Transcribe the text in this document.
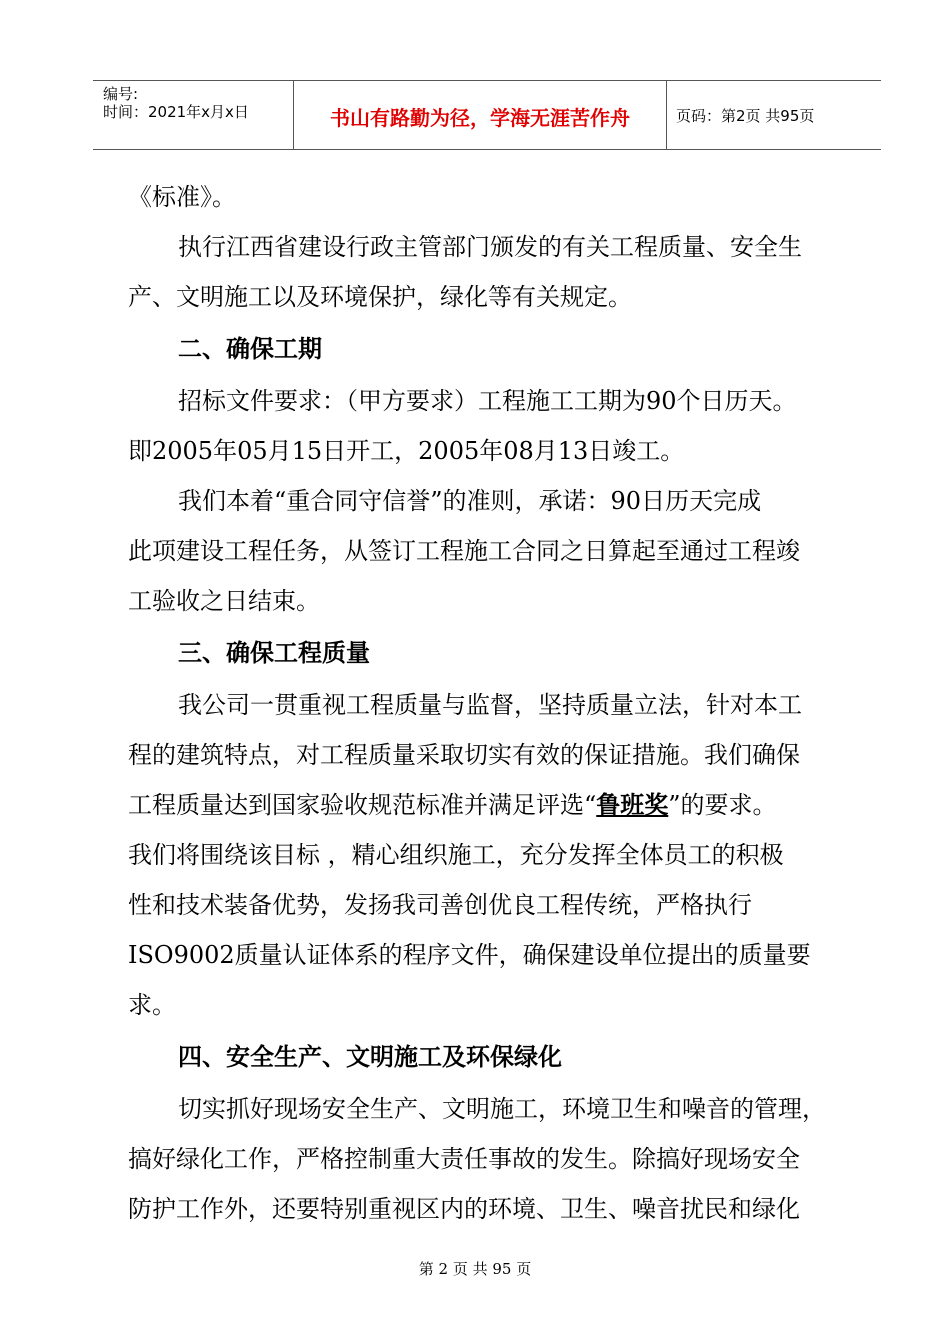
编号:
时间：2021年x月x日	书山有路勤为径，学海无涯苦作舟	页码：第2页 共95页

《标准》。

执行江西省建设行政主管部门颁发的有关工程质量、安全生

产、文明施工以及环境保护，绿化等有关规定。

二、确保工期

招标文件要求：（甲方要求）工程施工工期为90个日历天。

即2005年05月15日开工，2005年08月13日竣工。

我们本着“重合同守信誉”的准则，承诺：90日历天完成

此项建设工程任务，从签订工程施工合同之日算起至通过工程竣

工验收之日结束。

三、确保工程质量

我公司一贯重视工程质量与监督，坚持质量立法，针对本工

程的建筑特点，对工程质量采取切实有效的保证措施。我们确保

工程质量达到国家验收规范标准并满足评选“鲁班奖”的要求。

我们将围绕该目标 ，精心组织施工，充分发挥全体员工的积极

性和技术装备优势，发扬我司善创优良工程传统，严格执行

ISO9002质量认证体系的程序文件，确保建设单位提出的质量要

求。

四、安全生产、文明施工及环保绿化

切实抓好现场安全生产、文明施工，环境卫生和噪音的管理，

搞好绿化工作，严格控制重大责任事故的发生。除搞好现场安全

防护工作外，还要特别重视区内的环境、卫生、噪音扰民和绿化

第 2 页 共 95 页
